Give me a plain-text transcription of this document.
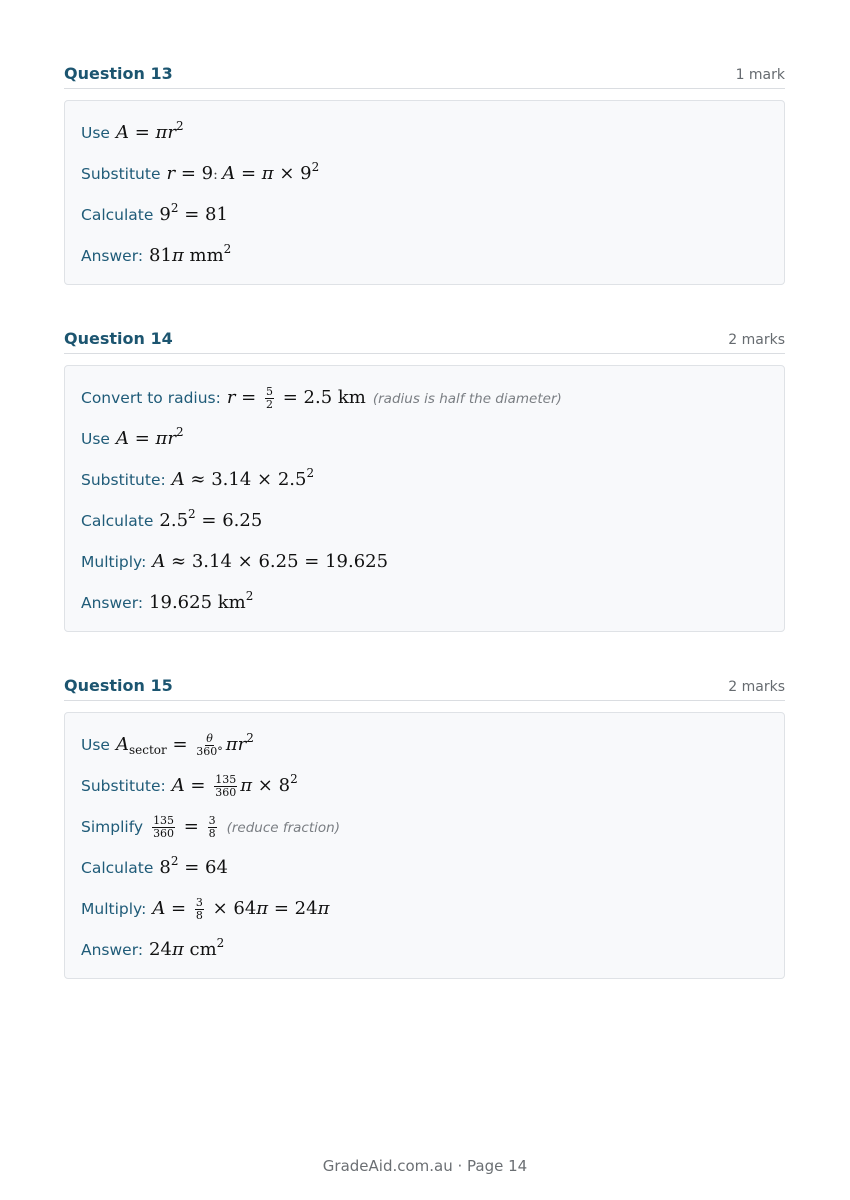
Question 13	1 mark
Use $A = \pi r^2$
Substitute r = 9: $A = \pi \times 9^2$
Calculate $9^2 = 81$
Answer: 81π $mm^2$
Question 14	2 marks
Convert to radius: $r = \frac{5}{2} = 2.5$ km (radius is half the diameter)
Use $A = \pi r^2$
Substitute: $A \approx 3.14 \times 2.5^2$
Calculate $2.5^2 = 6.25$
Multiply: A ≈ 3.14 × 6.25 = 19.625
Answer: 19.625 $km^2$
Question 15	2 marks
Use $A_{sector} = \frac{\theta}{360^\circ} \pi r^2$
Substitute: $A = \frac{135}{360}$ $\pi \times 8^2$
Simplify $\frac{135}{360} = \frac{3}{8}$ (reduce fraction)
Calculate $8^2 = 64$
Multiply: $A = \frac{3}{8} \times 64\pi = 24\pi$
Answer: 24π $cm^2$
GradeAid.com.au · Page 14
